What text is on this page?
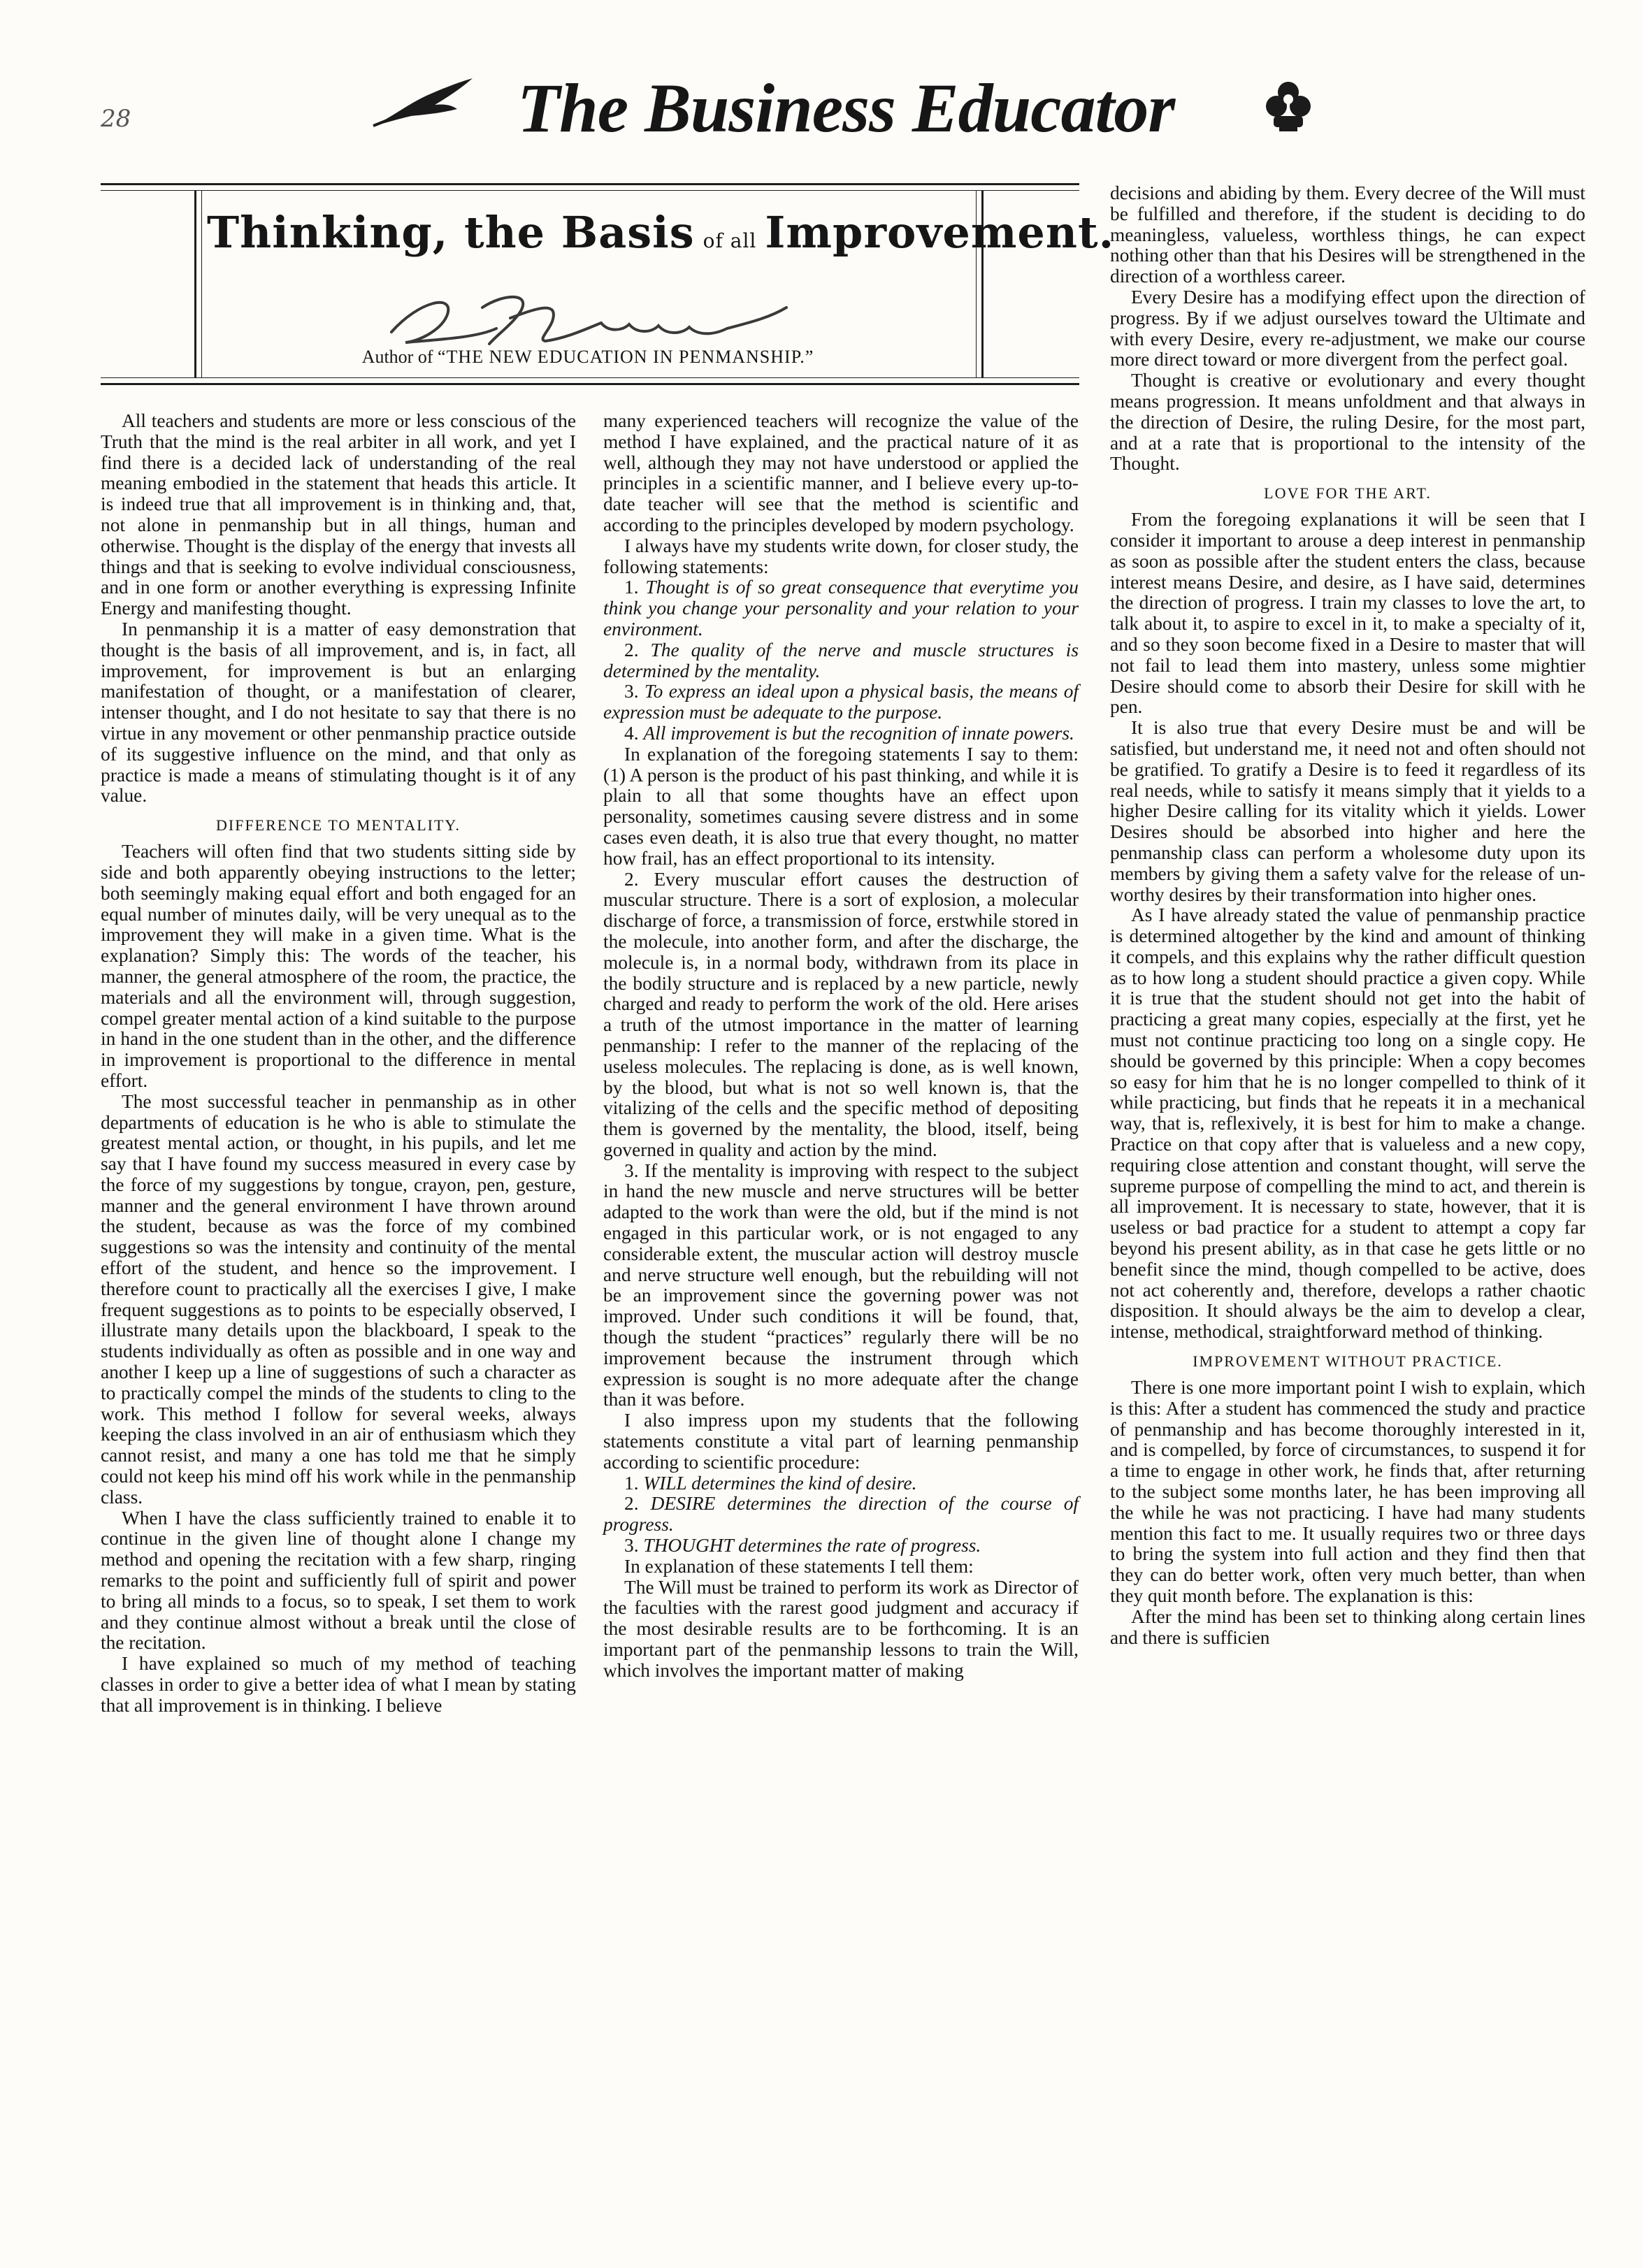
28	The Business Educator
Thinking, the Basis of all Improvement.
Author of “THE NEW EDUCATION IN PENMANSHIP.”

All teachers and students are more or less conscious of the Truth that the mind is the real arbiter in all work, and yet I find there is a decided lack of understanding of the real meaning embodied in the statement that heads this article. It is indeed true that all improvement is in thinking and, that, not alone in penmanship but in all things, human and otherwise. Thought is the display of the energy that invests all things and that is seeking to evolve individual consciousness, and in one form or another everything is expressing Infinite Energy and manifesting thought.

In penmanship it is a matter of easy demonstration that thought is the basis of all improvement, and is, in fact, all improvement, for improvement is but an enlarging manifestation of thought, or a manifestation of clearer, intenser thought, and I do not hesitate to say that there is no virtue in any movement or other penmanship practice outside of its suggestive influence on the mind, and that only as practice is made a means of stimulating thought is it of any value.

DIFFERENCE TO MENTALITY.

Teachers will often find that two students sitting side by side and both apparently obeying instructions to the letter; both seemingly making equal effort and both engaged for an equal number of minutes daily, will be very unequal as to the improvement they will make in a given time. What is the explanation? Simply this: The words of the teacher, his manner, the general atmosphere of the room, the practice, the materials and all the environment will, through suggestion, compel greater mental action of a kind suitable to the purpose in hand in the one student than in the other, and the difference in improvement is proportional to the difference in mental effort.

The most successful teacher in penmanship as in other departments of education is he who is able to stimulate the greatest mental action, or thought, in his pupils, and let me say that I have found my success measured in every case by the force of my suggestions by tongue, crayon, pen, gesture, manner and the general environment I have thrown around the student, because as was the force of my combined suggestions so was the intensity and continuity of the mental effort of the student, and hence so the improvement. I therefore count to practically all the exercises I give, I make frequent suggestions as to points to be especially observed, I illustrate many details upon the blackboard, I speak to the students individually as often as possible and in one way and another I keep up a line of suggestions of such a character as to practically compel the minds of the students to cling to the work. This method I follow for several weeks, always keeping the class involved in an air of enthusiasm which they cannot resist, and many a one has told me that he simply could not keep his mind off his work while in the penmanship class.

When I have the class sufficiently trained to enable it to continue in the given line of thought alone I change my method and opening the recitation with a few sharp, ringing remarks to the point and sufficiently full of spirit and power to bring all minds to a focus, so to speak, I set them to work and they continue almost without a break until the close of the recitation.

I have explained so much of my method of teaching classes in order to give a better idea of what I mean by stating that all improvement is in thinking. I believe

many experienced teachers will recognize the value of the method I have explained, and the practical nature of it as well, although they may not have understood or applied the principles in a scientific manner, and I believe every up-to-date teacher will see that the method is scientific and according to the principles developed by modern psychology.

I always have my students write down, for closer study, the following statements:

1. Thought is of so great consequence that everytime you think you change your personality and your relation to your environment.

2. The quality of the nerve and muscle structures is determined by the mentality.

3. To express an ideal upon a physical basis, the means of expression must be adequate to the purpose.

4. All improvement is but the recognition of innate powers.

In explanation of the foregoing statements I say to them: (1) A person is the product of his past thinking, and while it is plain to all that some thoughts have an effect upon personality, sometimes causing severe distress and in some cases even death, it is also true that every thought, no matter how frail, has an effect proportional to its intensity.

2. Every muscular effort causes the destruction of muscular structure. There is a sort of explosion, a molecular discharge of force, a transmission of force, erstwhile stored in the molecule, into another form, and after the discharge, the molecule is, in a normal body, withdrawn from its place in the bodily structure and is replaced by a new particle, newly charged and ready to perform the work of the old. Here arises a truth of the utmost importance in the matter of learning penmanship: I refer to the manner of the replacing of the useless molecules. The replacing is done, as is well known, by the blood, but what is not so well known is, that the vitalizing of the cells and the specific method of depositing them is governed by the mentality, the blood, itself, being governed in quality and action by the mind.

3. If the mentality is improving with respect to the subject in hand the new muscle and nerve structures will be better adapted to the work than were the old, but if the mind is not engaged in this particular work, or is not engaged to any considerable extent, the muscular action will destroy muscle and nerve structure well enough, but the rebuilding will not be an improvement since the governing power was not improved. Under such conditions it will be found, that, though the student “practices” regularly there will be no improvement because the instrument through which expression is sought is no more adequate after the change than it was before.

I also impress upon my students that the following statements constitute a vital part of learning penmanship according to scientific procedure:

1. WILL determines the kind of desire.

2. DESIRE determines the direction of the course of progress.

3. THOUGHT determines the rate of progress.

In explanation of these statements I tell them:

The Will must be trained to perform its work as Director of the faculties with the rarest good judgment and accuracy if the most desirable results are to be forthcoming. It is an important part of the penmanship lessons to train the Will, which involves the important matter of making

decisions and abiding by them. Every decree of the Will must be fulfilled and therefore, if the student is deciding to do meaningless, valueless, worthless things, he can expect nothing other than that his Desires will be strengthened in the direction of a worthless career.

Every Desire has a modifying effect upon the direction of progress. By if we adjust ourselves toward the Ultimate and with every Desire, every re-adjustment, we make our course more direct toward or more divergent from the perfect goal.

Thought is creative or evolutionary and every thought means progression. It means unfoldment and that always in the direction of Desire, the ruling Desire, for the most part, and at a rate that is proportional to the intensity of the Thought.

LOVE FOR THE ART.

From the foregoing explanations it will be seen that I consider it important to arouse a deep interest in penmanship as soon as possible after the student enters the class, because interest means Desire, and desire, as I have said, determines the direction of progress. I train my classes to love the art, to talk about it, to aspire to excel in it, to make a specialty of it, and so they soon become fixed in a Desire to master that will not fail to lead them into mastery, unless some mightier Desire should come to absorb their Desire for skill with he pen.

It is also true that every Desire must be and will be satisfied, but understand me, it need not and often should not be gratified. To gratify a Desire is to feed it regardless of its real needs, while to satisfy it means simply that it yields to a higher Desire calling for its vitality which it yields. Lower Desires should be absorbed into higher and here the penmanship class can perform a wholesome duty upon its members by giving them a safety valve for the release of un-worthy desires by their transformation into higher ones.

As I have already stated the value of penmanship practice is determined altogether by the kind and amount of thinking it compels, and this explains why the rather difficult question as to how long a student should practice a given copy. While it is true that the student should not get into the habit of practicing a great many copies, especially at the first, yet he must not continue practicing too long on a single copy. He should be governed by this principle: When a copy becomes so easy for him that he is no longer compelled to think of it while practicing, but finds that he repeats it in a mechanical way, that is, reflexively, it is best for him to make a change. Practice on that copy after that is valueless and a new copy, requiring close attention and constant thought, will serve the supreme purpose of compelling the mind to act, and therein is all improvement. It is necessary to state, however, that it is useless or bad practice for a student to attempt a copy far beyond his present ability, as in that case he gets little or no benefit since the mind, though compelled to be active, does not act coherently and, therefore, develops a rather chaotic disposition. It should always be the aim to develop a clear, intense, methodical, straightforward method of thinking.

IMPROVEMENT WITHOUT PRACTICE.

There is one more important point I wish to explain, which is this: After a student has commenced the study and practice of penmanship and has become thoroughly interested in it, and is compelled, by force of circumstances, to suspend it for a time to engage in other work, he finds that, after returning to the subject some months later, he has been improving all the while he was not practicing. I have had many students mention this fact to me. It usually requires two or three days to bring the system into full action and they find then that they can do better work, often very much better, than when they quit month before. The explanation is this:

After the mind has been set to thinking along certain lines and there is sufficien
